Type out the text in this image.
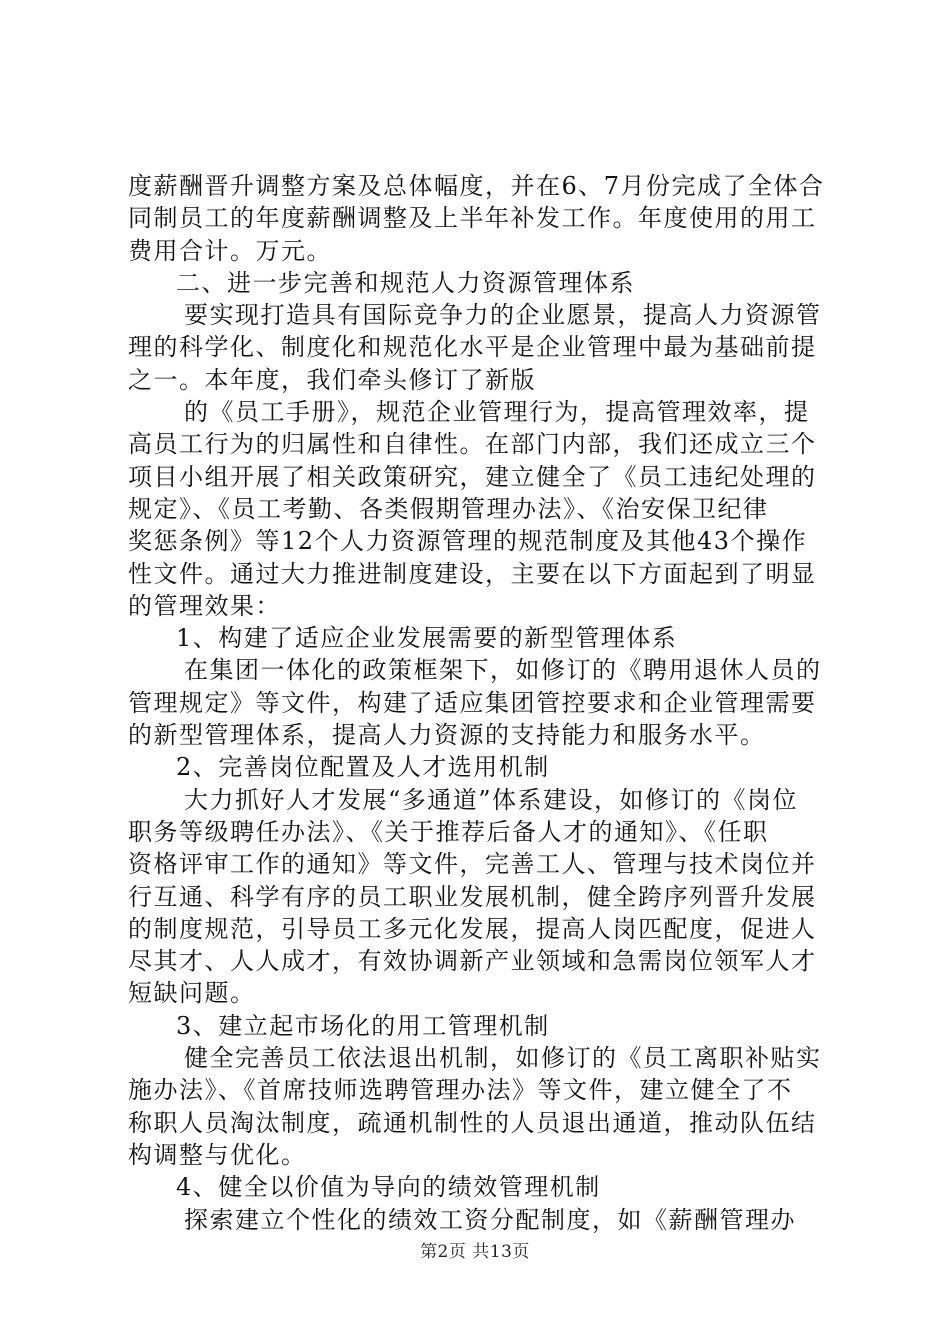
度薪酬晋升调整方案及总体幅度，并在6、7月份完成了全体合
同制员工的年度薪酬调整及上半年补发工作。年度使用的用工
费用合计。万元。
二、进一步完善和规范人力资源管理体系
要实现打造具有国际竞争力的企业愿景，提高人力资源管
理的科学化、制度化和规范化水平是企业管理中最为基础前提
之一。本年度，我们牵头修订了新版
的《员工手册》，规范企业管理行为，提高管理效率，提
高员工行为的归属性和自律性。在部门内部，我们还成立三个
项目小组开展了相关政策研究，建立健全了《员工违纪处理的
规定》、《员工考勤、各类假期管理办法》、《治安保卫纪律
奖惩条例》等12个人力资源管理的规范制度及其他43个操作
性文件。通过大力推进制度建设，主要在以下方面起到了明显
的管理效果：
1、构建了适应企业发展需要的新型管理体系
在集团一体化的政策框架下，如修订的《聘用退休人员的
管理规定》等文件，构建了适应集团管控要求和企业管理需要
的新型管理体系，提高人力资源的支持能力和服务水平。
2、完善岗位配置及人才选用机制
大力抓好人才发展“多通道”体系建设，如修订的《岗位
职务等级聘任办法》、《关于推荐后备人才的通知》、《任职
资格评审工作的通知》等文件，完善工人、管理与技术岗位并
行互通、科学有序的员工职业发展机制，健全跨序列晋升发展
的制度规范，引导员工多元化发展，提高人岗匹配度，促进人
尽其才、人人成才，有效协调新产业领域和急需岗位领军人才
短缺问题。
3、建立起市场化的用工管理机制
健全完善员工依法退出机制，如修订的《员工离职补贴实
施办法》、《首席技师选聘管理办法》等文件，建立健全了不
称职人员淘汰制度，疏通机制性的人员退出通道，推动队伍结
构调整与优化。
4、健全以价值为导向的绩效管理机制
探索建立个性化的绩效工资分配制度，如《薪酬管理办
第2页 共13页
